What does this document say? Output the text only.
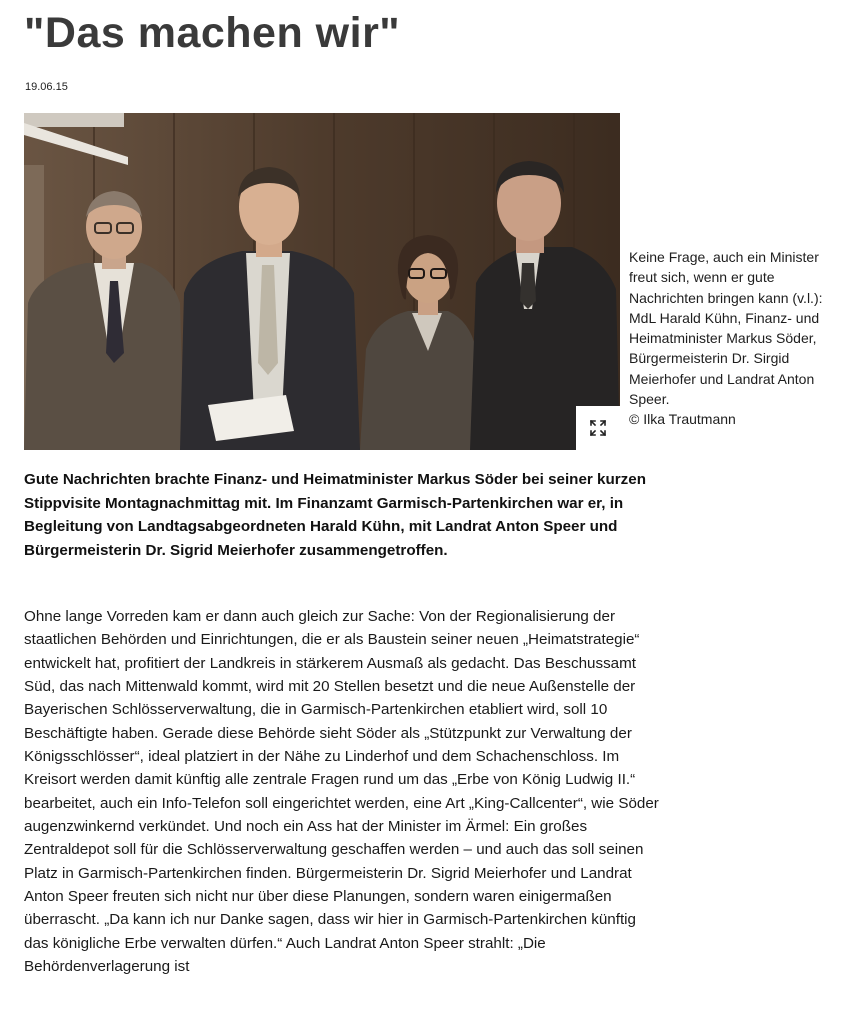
"Das machen wir"
19.06.15
Keine Frage, auch ein Minister freut sich, wenn er gute Nachrichten bringen kann (v.l.): MdL Harald Kühn, Finanz- und Heimatminister Markus Söder, Bürgermeisterin Dr. Sirgid Meierhofer und Landrat Anton Speer.
© Ilka Trautmann

Gute Nachrichten brachte Finanz- und Heimatminister Markus Söder bei seiner kurzen Stippvisite Montagnachmittag mit. Im Finanzamt Garmisch-Partenkirchen war er, in Begleitung von Landtagsabgeordneten Harald Kühn, mit Landrat Anton Speer und Bürgermeisterin Dr. Sigrid Meierhofer zusammengetroffen.

Ohne lange Vorreden kam er dann auch gleich zur Sache: Von der Regionalisierung der staatlichen Behörden und Einrichtungen, die er als Baustein seiner neuen „Heimatstrategie“ entwickelt hat, profitiert der Landkreis in stärkerem Ausmaß als gedacht. Das Beschussamt Süd, das nach Mittenwald kommt, wird mit 20 Stellen besetzt und die neue Außenstelle der Bayerischen Schlösserverwaltung, die in Garmisch-Partenkirchen etabliert wird, soll 10 Beschäftigte haben. Gerade diese Behörde sieht Söder als „Stützpunkt zur Verwaltung der Königsschlösser“, ideal platziert in der Nähe zu Linderhof und dem Schachenschloss. Im Kreisort werden damit künftig alle zentrale Fragen rund um das „Erbe von König Ludwig II.“ bearbeitet, auch ein Info-Telefon soll eingerichtet werden, eine Art „King-Callcenter“, wie Söder augenzwinkernd verkündet. Und noch ein Ass hat der Minister im Ärmel: Ein großes Zentraldepot soll für die Schlösserverwaltung geschaffen werden – und auch das soll seinen Platz in Garmisch-Partenkirchen finden. Bürgermeisterin Dr. Sigrid Meierhofer und Landrat Anton Speer freuten sich nicht nur über diese Planungen, sondern waren einigermaßen überrascht. „Da kann ich nur Danke sagen, dass wir hier in Garmisch-Partenkirchen künftig das königliche Erbe verwalten dürfen.“ Auch Landrat Anton Speer strahlt: „Die Behördenverlagerung ist
